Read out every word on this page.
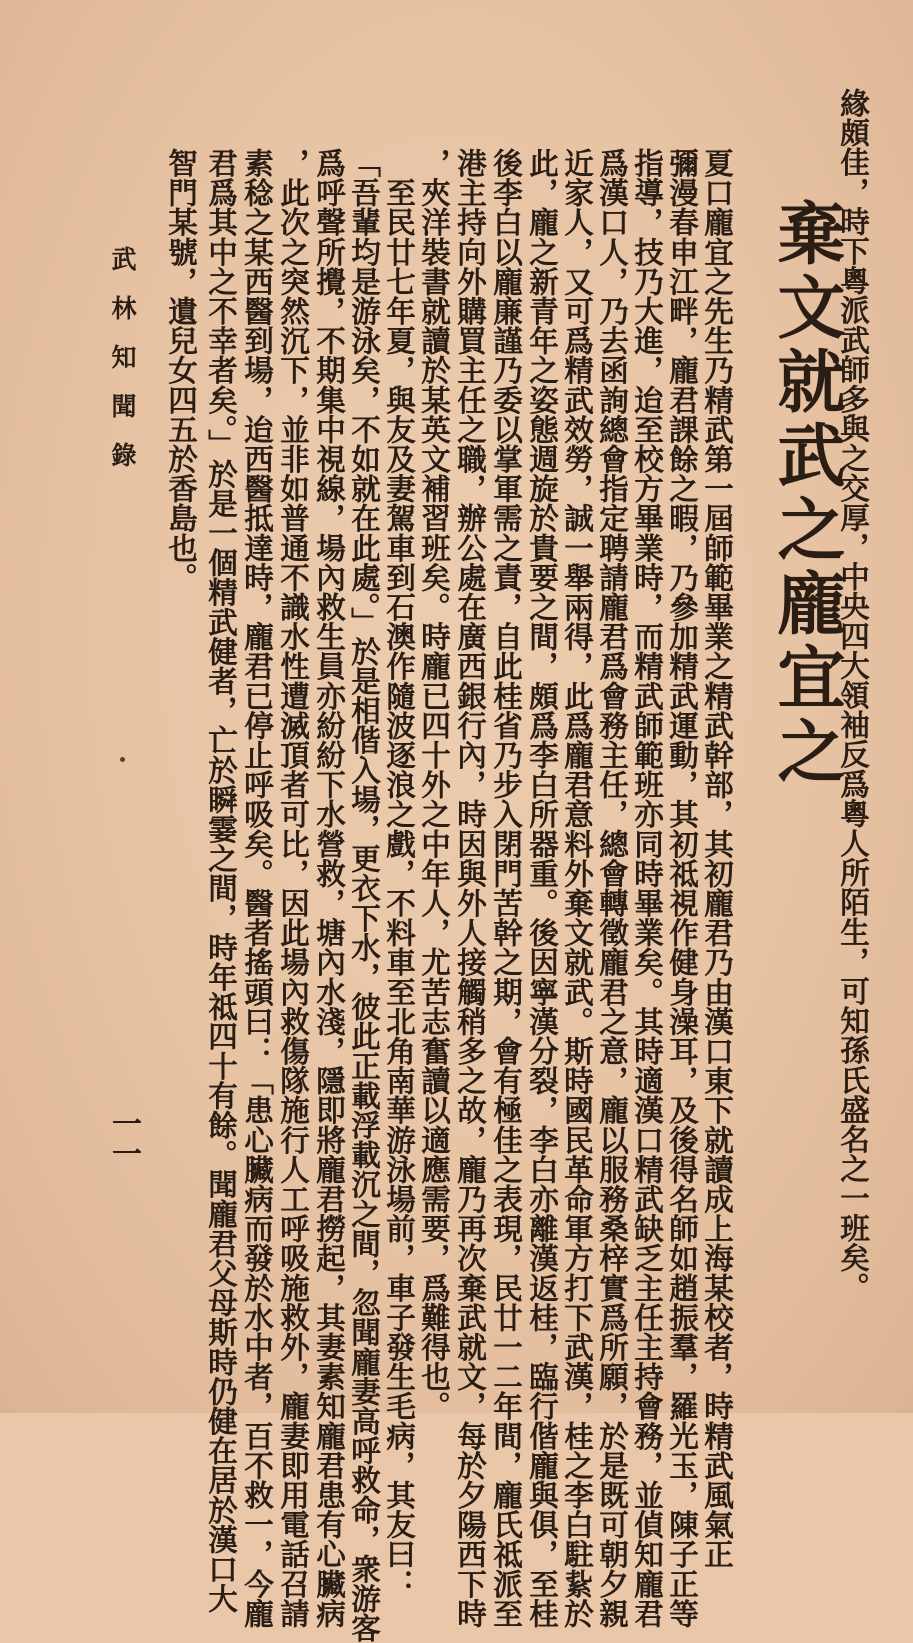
緣頗佳，時下粵派武師多與之交厚，中央四大領袖反爲粵人所陌生，可知孫氏盛名之一班矣。
棄文就武之龐宜之
夏口龐宜之先生乃精武第一屆師範畢業之精武幹部，其初龐君乃由漢口東下就讀成上海某校者，時精武風氣正
彌漫春申江畔，龐君課餘之暇，乃參加精武運動，其初祗視作健身澡耳，及後得名師如趙振羣，羅光玉，陳子正等
指導，技乃大進，迨至校方畢業時，而精武師範班亦同時畢業矣。其時適漢口精武缺乏主任主持會務，並偵知龐君
爲漢口人，乃去函詢總會指定聘請龐君爲會務主任，總會轉徵龐君之意，龐以服務桑梓實爲所願，於是既可朝夕親
近家人，又可爲精武效勞，誠一舉兩得，此爲龐君意料外棄文就武。斯時國民革命軍方打下武漢，桂之李白駐紥於
此，龐之新青年之姿態週旋於貴要之間，頗爲李白所器重。後因寧漢分裂，李白亦離漢返桂，臨行偕龐與俱，至桂
後李白以龐廉謹乃委以掌軍需之責，自此桂省乃步入閉門苦幹之期，會有極佳之表現，民廿一二年間，龐氏祗派至
港主持向外購買主任之職，辦公處在廣西銀行內，時因與外人接觸稍多之故，龐乃再次棄武就文，每於夕陽西下時
，夾洋裝書就讀於某英文補習班矣。時龐已四十外之中年人，尤苦志奮讀以適應需要，爲難得也。
　至民廿七年夏，與友及妻駕車到石澳作隨波逐浪之戲，不料車至北角南華游泳場前，車子發生毛病，其友曰：
「吾輩均是游泳矣，不如就在此處。」於是相偕入場，更衣下水，彼此正載浮載沉之間，忽聞龐妻高呼救命，衆游客
爲呼聲所攪，不期集中視線，場內救生員亦紛紛下水營救，塘內水淺，隱即將龐君撈起，其妻素知龐君患有心臟病
，此次之突然沉下，並非如普通不識水性遭滅頂者可比，因此場內救傷隊施行人工呼吸施救外，龐妻即用電話召請
素稔之某西醫到場，迨西醫抵達時，龐君已停止呼吸矣。醫者搖頭曰：「患心臟病而發於水中者，百不救一，今龐
君爲其中之不幸者矣。」於是一個精武健者，亡於瞬霎之間，時年祗四十有餘。聞龐君父母斯時仍健在居於漢口大
智門某號，遺兒女四五於香島也。
武林知聞錄
一一
